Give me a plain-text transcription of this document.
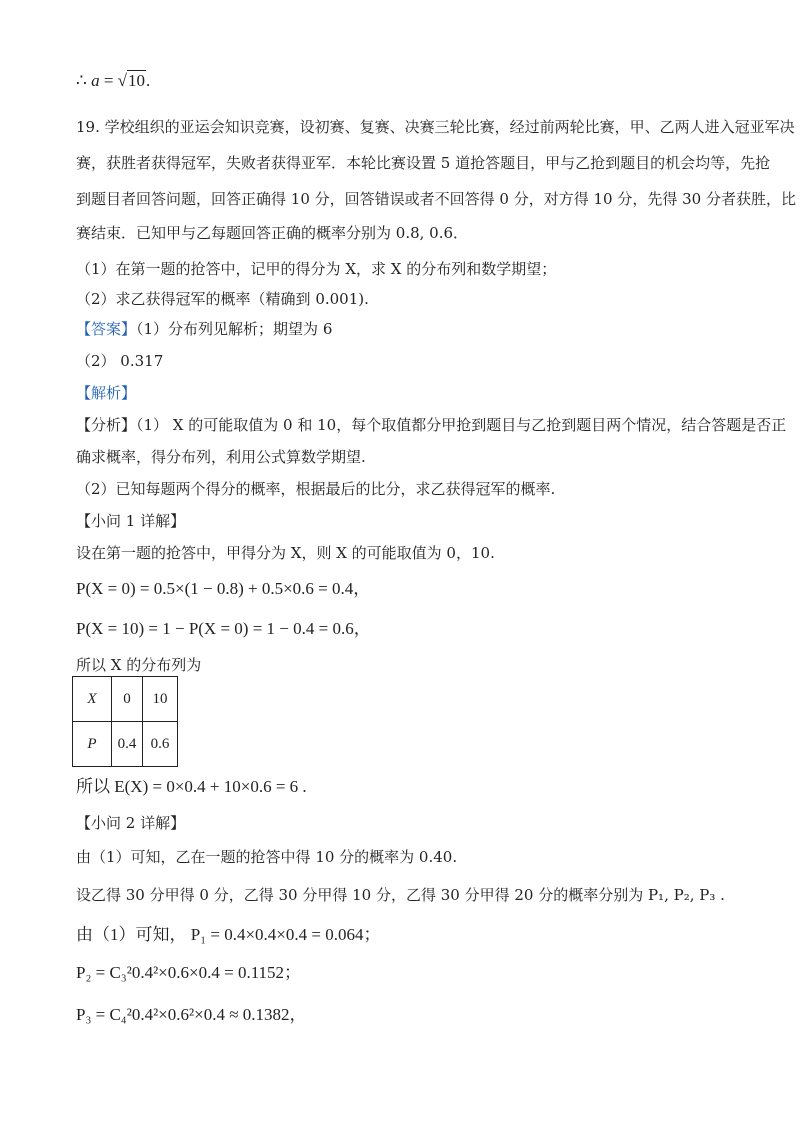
∴ a = √10.
19. 学校组织的亚运会知识竞赛，设初赛、复赛、决赛三轮比赛，经过前两轮比赛，甲、乙两人进入冠亚军决
赛，获胜者获得冠军，失败者获得亚军．本轮比赛设置 5 道抢答题目，甲与乙抢到题目的机会均等，先抢
到题目者回答问题，回答正确得 10 分，回答错误或者不回答得 0 分，对方得 10 分，先得 30 分者获胜，比
赛结束．已知甲与乙每题回答正确的概率分别为 0.8, 0.6．
（1）在第一题的抢答中，记甲的得分为 X，求 X 的分布列和数学期望；
（2）求乙获得冠军的概率（精确到 0.001).
【答案】（1）分布列见解析；期望为 6
（2） 0.317
【解析】
【分析】（1） X 的可能取值为 0 和 10，每个取值都分甲抢到题目与乙抢到题目两个情况，结合答题是否正
确求概率，得分布列，利用公式算数学期望.
（2）已知每题两个得分的概率，根据最后的比分，求乙获得冠军的概率.
【小问 1 详解】
设在第一题的抢答中，甲得分为 X，则 X 的可能取值为 0，10.
P(X = 0) = 0.5×(1 − 0.8) + 0.5×0.6 = 0.4，
P(X = 10) = 1 − P(X = 0) = 1 − 0.4 = 0.6，
所以 X 的分布列为
X	0	10
P	0.4	0.6
所以 E(X) = 0×0.4 + 10×0.6 = 6 .
【小问 2 详解】
由（1）可知，乙在一题的抢答中得 10 分的概率为 0.40.
设乙得 30 分甲得 0 分，乙得 30 分甲得 10 分，乙得 30 分甲得 20 分的概率分别为 P₁, P₂, P₃ .
由（1）可知， P₁ = 0.4×0.4×0.4 = 0.064；
P₂ = C₃²0.4²×0.6×0.4 = 0.1152；
P₃ = C₄²0.4²×0.6²×0.4 ≈ 0.1382，
